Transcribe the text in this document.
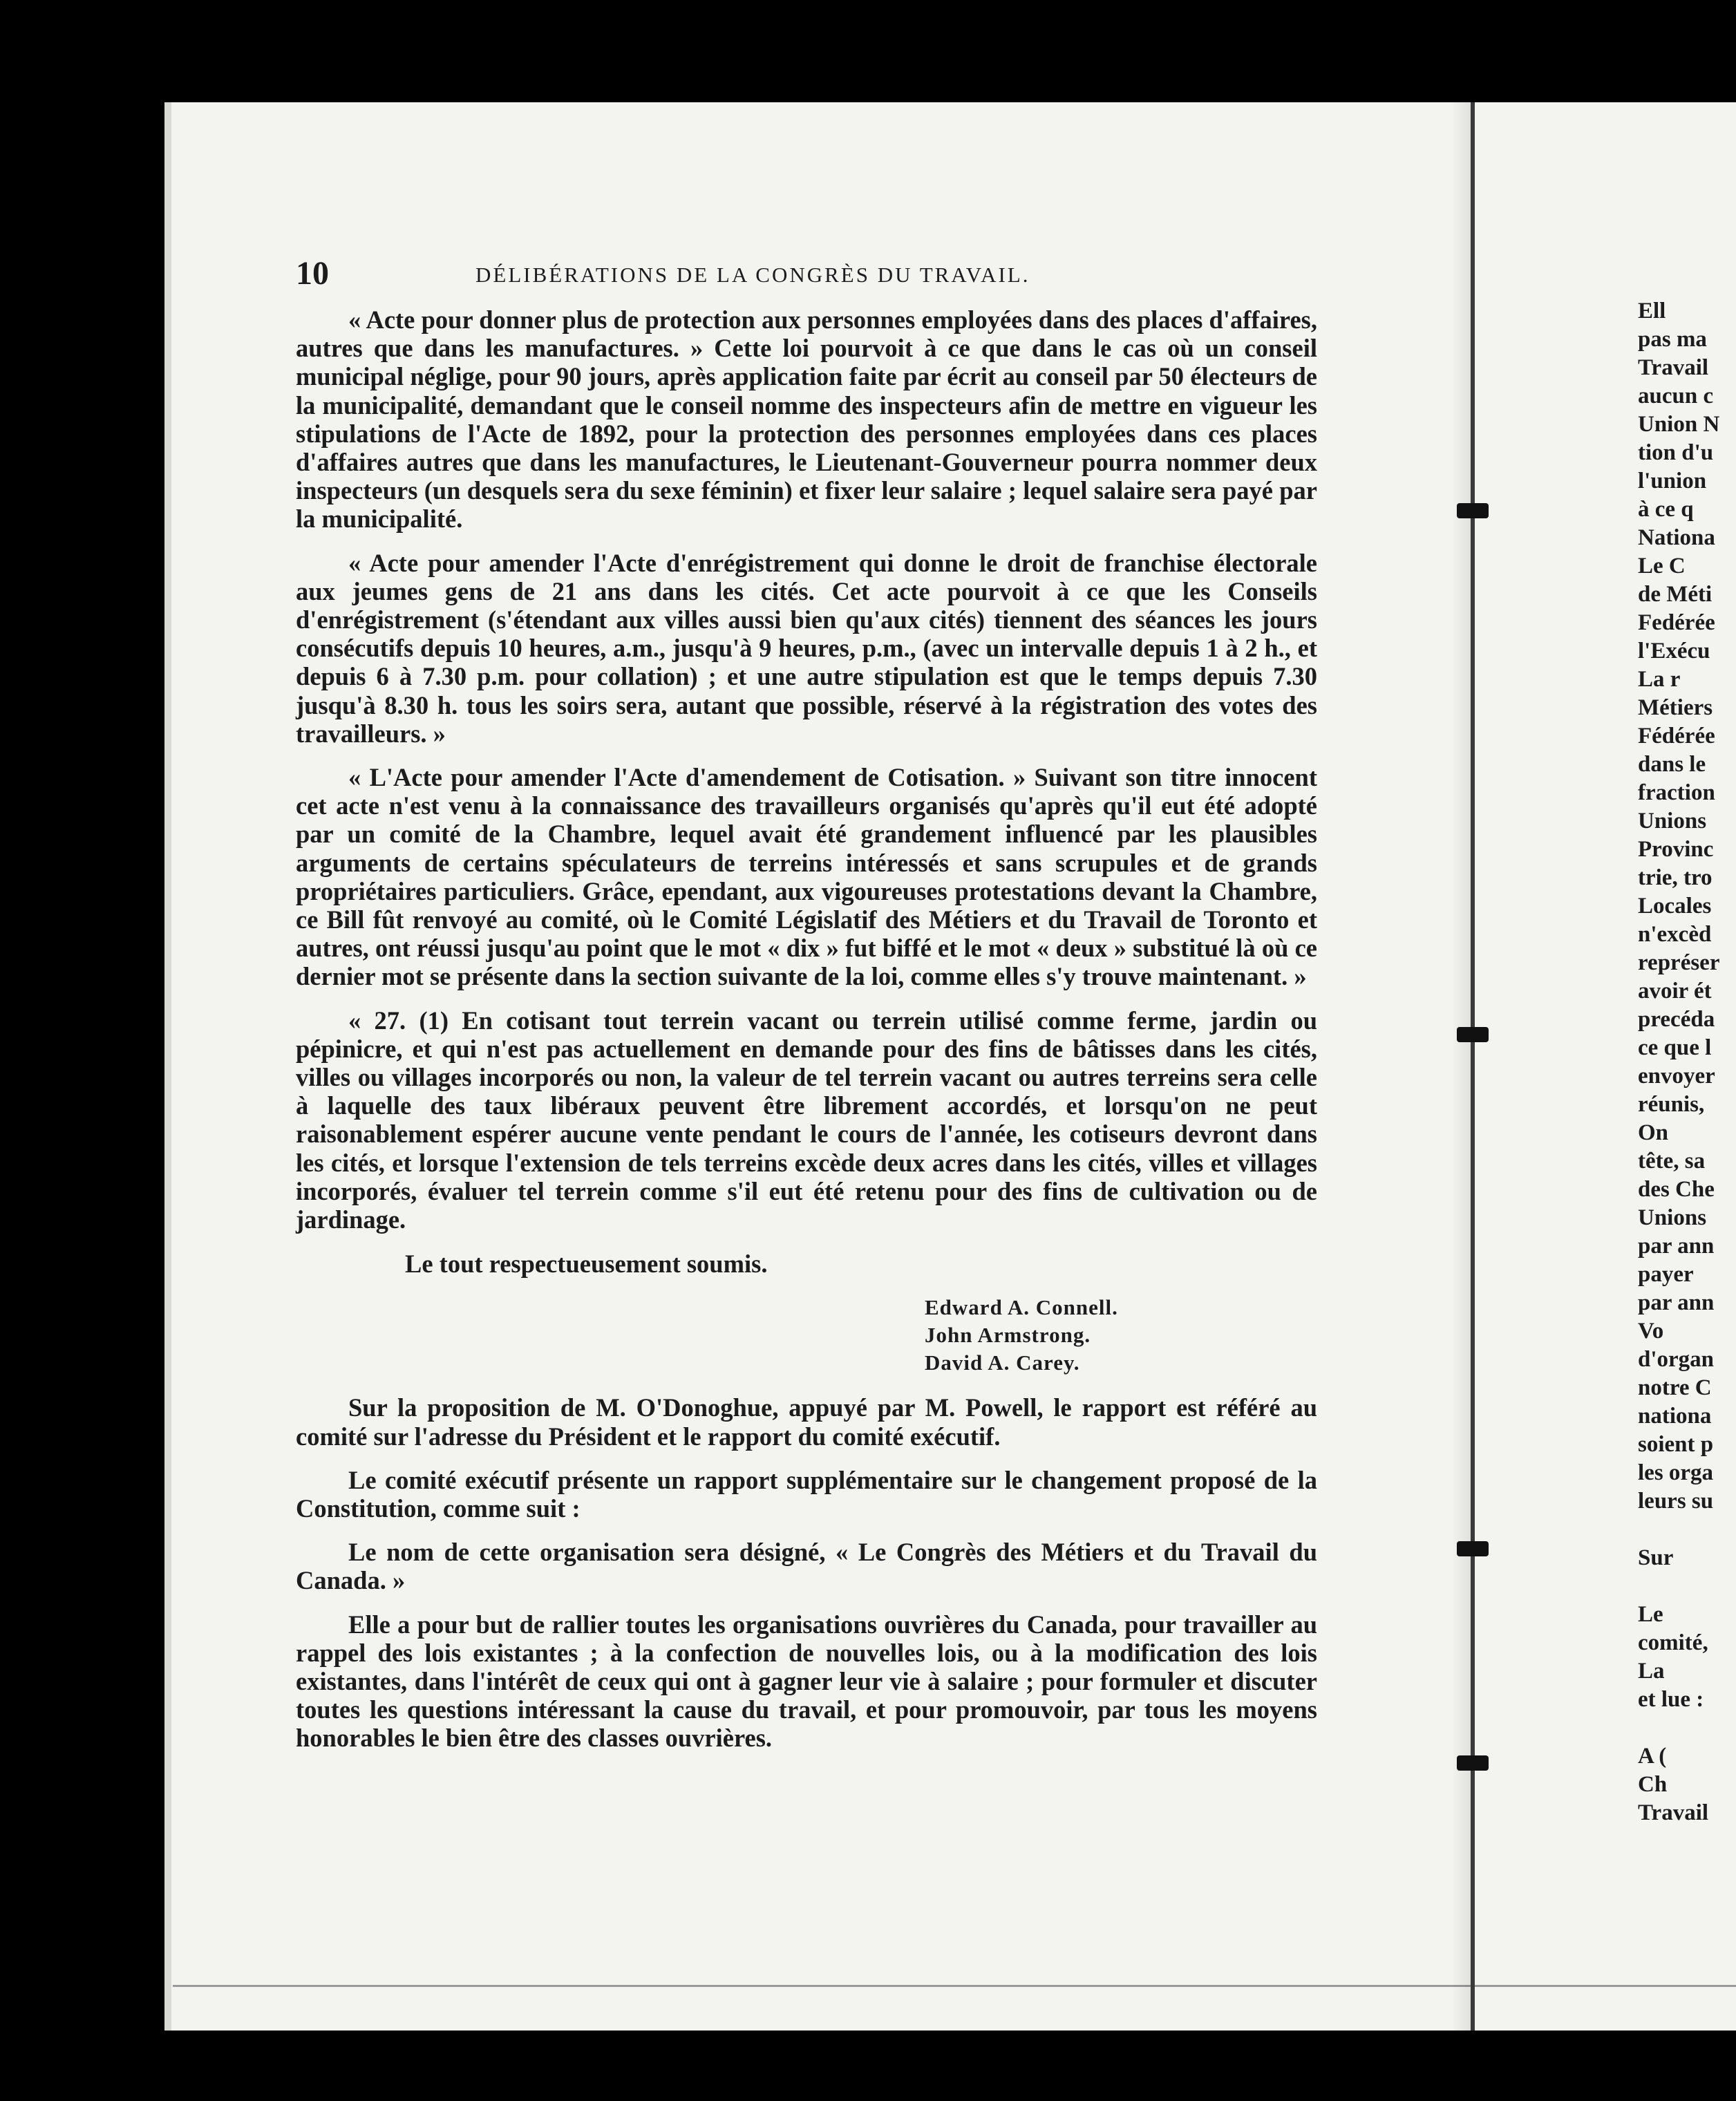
10	DÉLIBÉRATIONS DE LA CONGRÈS DU TRAVAIL.

« Acte pour donner plus de protection aux personnes employées dans des places d'affaires, autres que dans les manufactures. » Cette loi pourvoit à ce que dans le cas où un conseil municipal néglige, pour 90 jours, après application faite par écrit au conseil par 50 électeurs de la municipalité, demandant que le conseil nomme des inspecteurs afin de mettre en vigueur les stipulations de l'Acte de 1892, pour la protection des personnes employées dans ces places d'affaires autres que dans les manufactures, le Lieutenant-Gouverneur pourra nommer deux inspecteurs (un desquels sera du sexe féminin) et fixer leur salaire ; lequel salaire sera payé par la municipalité.

« Acte pour amender l'Acte d'enrégistrement qui donne le droit de franchise électorale aux jeumes gens de 21 ans dans les cités. Cet acte pourvoit à ce que les Conseils d'enrégistrement (s'étendant aux villes aussi bien qu'aux cités) tiennent des séances les jours consécutifs depuis 10 heures, a.m., jusqu'à 9 heures, p.m., (avec un intervalle depuis 1 à 2 h., et depuis 6 à 7.30 p.m. pour collation) ; et une autre stipulation est que le temps depuis 7.30 jusqu'à 8.30 h. tous les soirs sera, autant que possible, réservé à la régistration des votes des travailleurs. »

« L'Acte pour amender l'Acte d'amendement de Cotisation. » Suivant son titre innocent cet acte n'est venu à la connaissance des travailleurs organisés qu'après qu'il eut été adopté par un comité de la Chambre, lequel avait été grandement influencé par les plausibles arguments de certains spéculateurs de terreins intéressés et sans scrupules et de grands propriétaires particuliers. Grâce, ependant, aux vigoureuses protestations devant la Chambre, ce Bill fût renvoyé au comité, où le Comité Législatif des Métiers et du Travail de Toronto et autres, ont réussi jusqu'au point que le mot « dix » fut biffé et le mot « deux » substitué là où ce dernier mot se présente dans la section suivante de la loi, comme elles s'y trouve maintenant. »

« 27. (1) En cotisant tout terrein vacant ou terrein utilisé comme ferme, jardin ou pépinicre, et qui n'est pas actuellement en demande pour des fins de bâtisses dans les cités, villes ou villages incorporés ou non, la valeur de tel terrein vacant ou autres terreins sera celle à laquelle des taux libéraux peuvent être librement accordés, et lorsqu'on ne peut raisonablement espérer aucune vente pendant le cours de l'année, les cotiseurs devront dans les cités, et lorsque l'extension de tels terreins excède deux acres dans les cités, villes et villages incorporés, évaluer tel terrein comme s'il eut été retenu pour des fins de cultivation ou de jardinage.

Le tout respectueusement soumis.
Edward A. Connell.
John Armstrong.
David A. Carey.

Sur la proposition de M. O'Donoghue, appuyé par M. Powell, le rapport est référé au comité sur l'adresse du Président et le rapport du comité exécutif.

Le comité exécutif présente un rapport supplémentaire sur le changement proposé de la Constitution, comme suit :

Le nom de cette organisation sera désigné, « Le Congrès des Métiers et du Travail du Canada. »

Elle a pour but de rallier toutes les organisations ouvrières du Canada, pour travailler au rappel des lois existantes ; à la confection de nouvelles lois, ou à la modification des lois existantes, dans l'intérêt de ceux qui ont à gagner leur vie à salaire ; pour formuler et discuter toutes les questions intéressant la cause du travail, et pour promouvoir, par tous les moyens honorables le bien être des classes ouvrières.

Ell
pas ma
Travail
aucun c
Union N
tion d'u
l'union
à ce q
Nationa
Le C
de Méti
Fedérée
l'Exécu
La r
Métiers
Fédérée
dans le
fraction
Unions
Provinc
trie, tro
Locales
n'excèd
représer
avoir ét
precéda
ce que l
envoyer
réunis,
On
tête, sa
des Che
Unions
par ann
payer
par ann
Vo
d'organ
notre C
nationa
soient p
les orga
leurs su

Sur

Le
comité,
La
et lue :

A (
Ch
Travail
